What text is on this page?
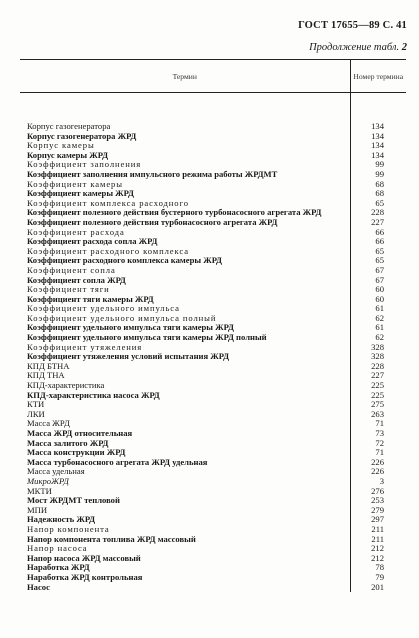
ГОСТ 17655—89 С. 41
Продолжение табл. 2
Термин	Номер термина
Корпус газогенератора	134
Корпус газогенератора ЖРД	134
Корпус камеры	134
Корпус камеры ЖРД	134
Коэффициент заполнения	99
Коэффициент заполнения импульсного режима работы ЖРДМТ	99
Коэффициент камеры	68
Коэффициент камеры ЖРД	68
Коэффициент комплекса расходного	65
Коэффициент полезного действия бустерного турбонасосного агрегата ЖРД	228
Коэффициент полезного действия турбонасосного агрегата ЖРД	227
Коэффициент расхода	66
Коэффициент расхода сопла ЖРД	66
Коэффициент расходного комплекса	65
Коэффициент расходного комплекса камеры ЖРД	65
Коэффициент сопла	67
Коэффициент сопла ЖРД	67
Коэффициент тяги	60
Коэффициент тяги камеры ЖРД	60
Коэффициент удельного импульса	61
Коэффициент удельного импульса полный	62
Коэффициент удельного импульса тяги камеры ЖРД	61
Коэффициент удельного импульса тяги камеры ЖРД полный	62
Коэффициент утяжеления	328
Коэффициент утяжеления условий испытания ЖРД	328
КПД БТНА	228
КПД ТНА	227
КПД-характеристика	225
КПД-характеристика насоса ЖРД	225
КТИ	275
ЛКИ	263
Масса ЖРД	71
Масса ЖРД относительная	73
Масса залитого ЖРД	72
Масса конструкции ЖРД	71
Масса турбонасосного агрегата ЖРД удельная	226
Масса удельная	226
МикроЖРД	3
МКТИ	276
Мост ЖРДМТ тепловой	253
МПИ	279
Надежность ЖРД	297
Напор компонента	211
Напор компонента топлива ЖРД массовый	211
Напор насоса	212
Напор насоса ЖРД массовый	212
Наработка ЖРД	78
Наработка ЖРД контрольная	79
Насос	201
